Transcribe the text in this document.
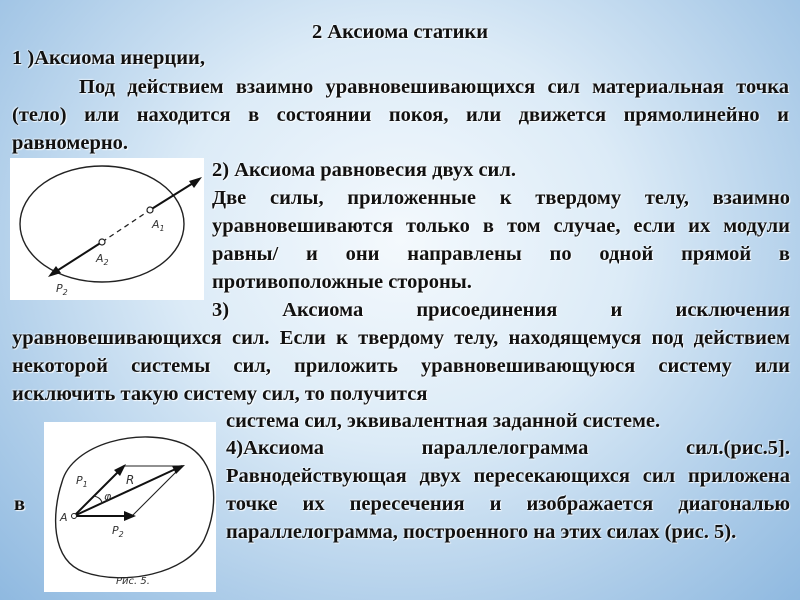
2 Аксиома статики

1 )Аксиома инерции,

Под действием взаимно уравновешивающихся сил материальная точка

(тело) или находится в состоянии покоя, или движется прямолинейно и

равномерно.

$A_1$
$A_2$
$P_2$

2) Аксиома равновесия двух сил.

Две силы, приложенные к твердому телу, взаимно

уравновешиваются только в том случае, если их модули

равны/ и они направлены по одной прямой в

противоположные стороны.

3) Аксиома присоединения и исключения

уравновешивающихся сил. Если к твердому телу, находящемуся под действием

некоторой системы сил, приложить уравновешивающуюся систему или

исключить такую систему сил, то получится

система сил, эквивалентная заданной системе.

$P_1$
φ
R
A
$P_2$
Рис. 5.

4)Аксиома параллелограмма сил.(рис.5].

Равнодействующая двух пересекающихся сил приложена

в	точке их пересечения и изображается диагональю

параллелограмма, построенного на этих силах (рис. 5).
